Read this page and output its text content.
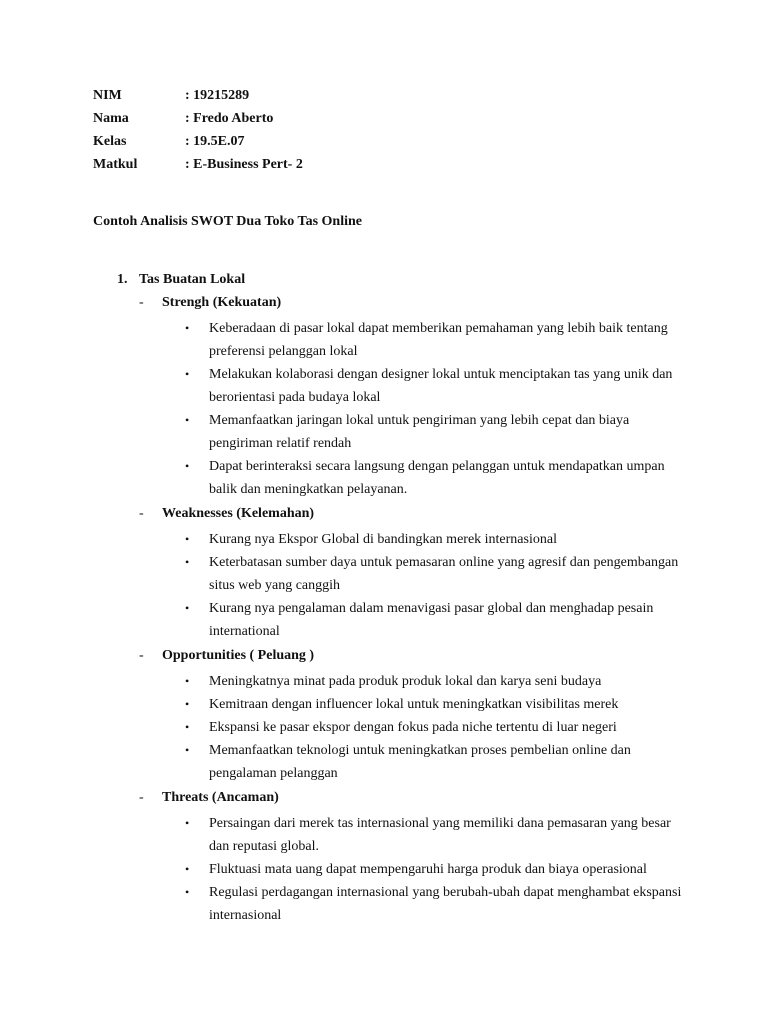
NIM	: 19215289
Nama	: Fredo Aberto
Kelas	: 19.5E.07
Matkul	: E-Business Pert- 2
Contoh Analisis SWOT Dua Toko Tas Online
1. Tas Buatan Lokal
- Strengh (Kekuatan)
• Keberadaan di pasar lokal dapat memberikan pemahaman yang lebih baik tentang preferensi pelanggan lokal
• Melakukan kolaborasi dengan designer lokal untuk menciptakan tas yang unik dan berorientasi pada budaya lokal
• Memanfaatkan jaringan lokal untuk pengiriman yang lebih cepat dan biaya pengiriman relatif rendah
• Dapat berinteraksi secara langsung dengan pelanggan untuk mendapatkan umpan balik dan meningkatkan pelayanan.
- Weaknesses (Kelemahan)
• Kurang nya Ekspor Global di bandingkan merek internasional
• Keterbatasan sumber daya untuk pemasaran online yang agresif dan pengembangan situs web yang canggih
• Kurang nya pengalaman dalam menavigasi pasar global dan menghadap pesain international
- Opportunities ( Peluang )
• Meningkatnya minat pada produk produk lokal dan karya seni budaya
• Kemitraan dengan influencer lokal untuk meningkatkan visibilitas merek
• Ekspansi ke pasar ekspor dengan fokus pada niche tertentu di luar negeri
• Memanfaatkan teknologi untuk meningkatkan proses pembelian online dan pengalaman pelanggan
- Threats (Ancaman)
• Persaingan dari merek tas internasional yang memiliki dana pemasaran yang besar dan reputasi global.
• Fluktuasi mata uang dapat mempengaruhi harga produk dan biaya operasional
• Regulasi perdagangan internasional yang berubah-ubah dapat menghambat ekspansi internasional
